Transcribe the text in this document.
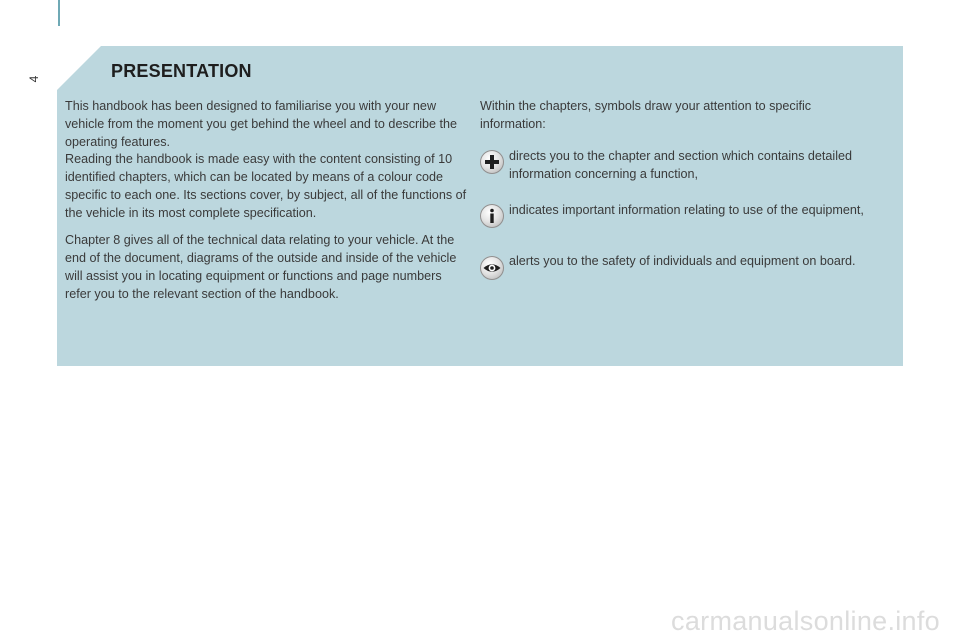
4	PRESENTATION

This handbook has been designed to familiarise you with your new vehicle from the moment you get behind the wheel and to describe the operating features.

Reading the handbook is made easy with the content consisting of 10 identified chapters, which can be located by means of a colour code specific to each one. Its sections cover, by subject, all of the functions of the vehicle in its most complete specification.

Chapter 8 gives all of the technical data relating to your vehicle. At the end of the document, diagrams of the outside and inside of the vehicle will assist you in locating equipment or functions and page numbers refer you to the relevant section of the handbook.

Within the chapters, symbols draw your attention to specific information:

directs you to the chapter and section which contains detailed information concerning a function,

indicates important information relating to use of the equipment,

alerts you to the safety of individuals and equipment on board.

carmanualsonline.info
